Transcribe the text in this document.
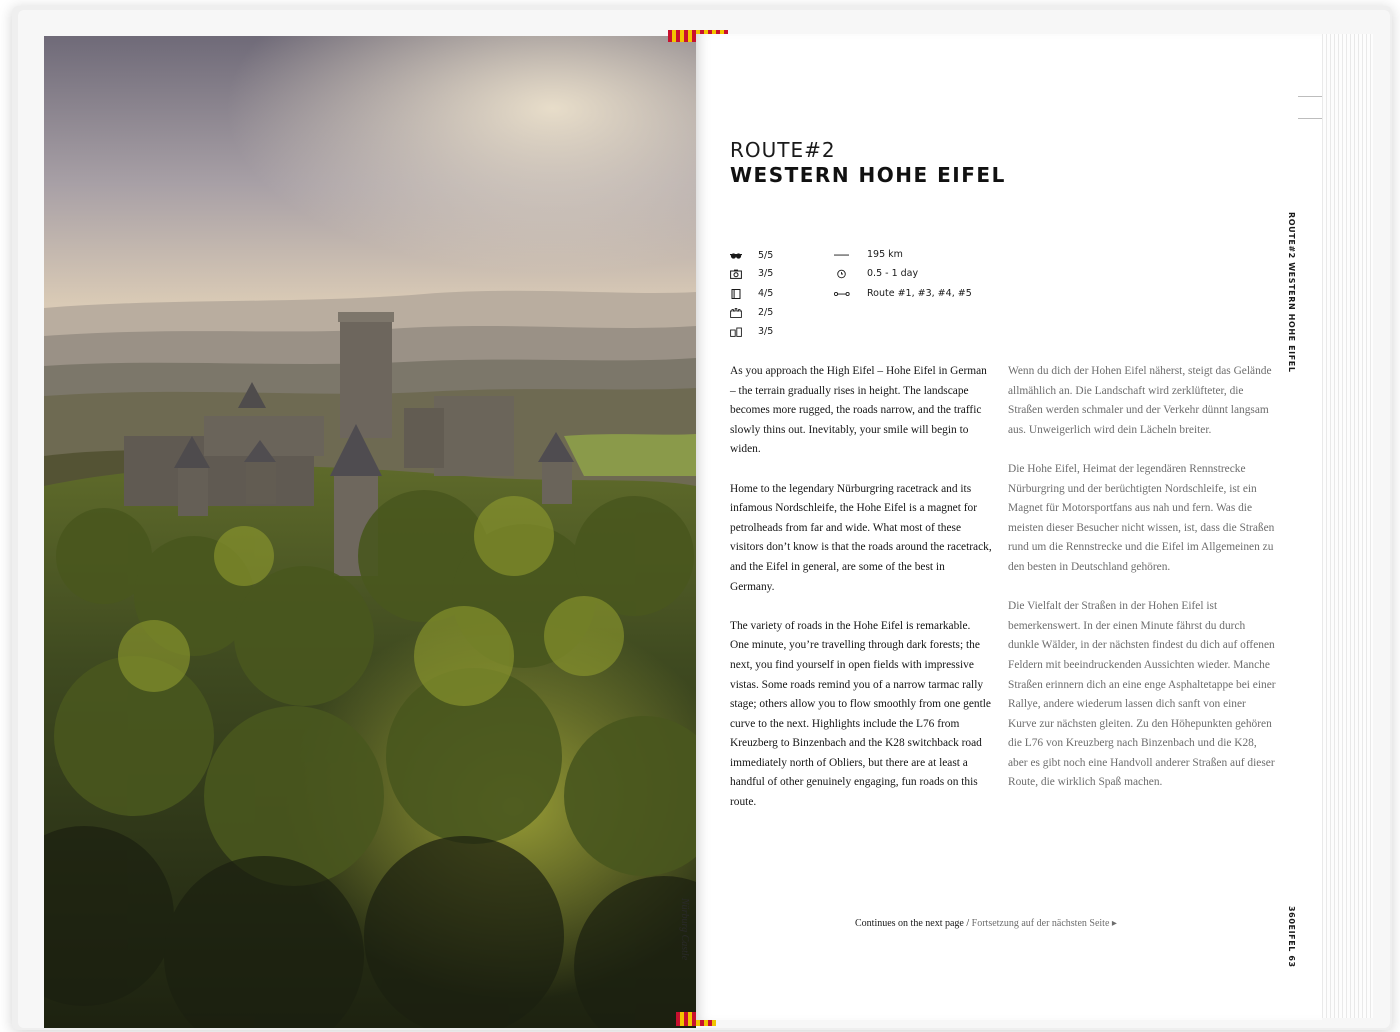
Nürburg Castle
ROUTE#2
WESTERN HOHE EIFEL
ROUTE#2 WESTERN HOHE EIFEL
5/5
3/5
4/5
2/5
3/5
195 km
0.5 - 1 day
Route #1, #3, #4, #5

As you approach the High Eifel – Hohe Eifel in German – the terrain gradually rises in height. The landscape becomes more rugged, the roads narrow, and the traffic slowly thins out. Inevitably, your smile will begin to widen.

Home to the legendary Nürburgring racetrack and its infamous Nordschleife, the Hohe Eifel is a magnet for petrolheads from far and wide. What most of these visitors don’t know is that the roads around the racetrack, and the Eifel in general, are some of the best in Germany.

The variety of roads in the Hohe Eifel is remarkable. One minute, you’re travelling through dark forests; the next, you find yourself in open fields with impressive vistas. Some roads remind you of a narrow tarmac rally stage; others allow you to flow smoothly from one gentle curve to the next. Highlights include the L76 from Kreuzberg to Binzenbach and the K28 switchback road immediately north of Obliers, but there are at least a handful of other genuinely engaging, fun roads on this route.

Wenn du dich der Hohen Eifel näherst, steigt das Gelände allmählich an. Die Landschaft wird zerklüfteter, die Straßen werden schmaler und der Verkehr dünnt langsam aus. Unweigerlich wird dein Lächeln breiter.

Die Hohe Eifel, Heimat der legendären Rennstrecke Nürburgring und der berüchtigten Nordschleife, ist ein Magnet für Motorsportfans aus nah und fern. Was die meisten dieser Besucher nicht wissen, ist, dass die Straßen rund um die Rennstrecke und die Eifel im Allgemeinen zu den besten in Deutschland gehören.

Die Vielfalt der Straßen in der Hohen Eifel ist bemerkenswert. In der einen Minute fährst du durch dunkle Wälder, in der nächsten findest du dich auf offenen Feldern mit beeindruckenden Aussichten wieder. Manche Straßen erinnern dich an eine enge Asphaltetappe bei einer Rallye, andere wiederum lassen dich sanft von einer Kurve zur nächsten gleiten. Zu den Höhepunkten gehören die L76 von Kreuzberg nach Binzenbach und die K28, aber es gibt noch eine Handvoll anderer Straßen auf dieser Route, die wirklich Spaß machen.

Continues on the next page / Fortsetzung auf der nächsten Seite ▸	360EIFEL 63
